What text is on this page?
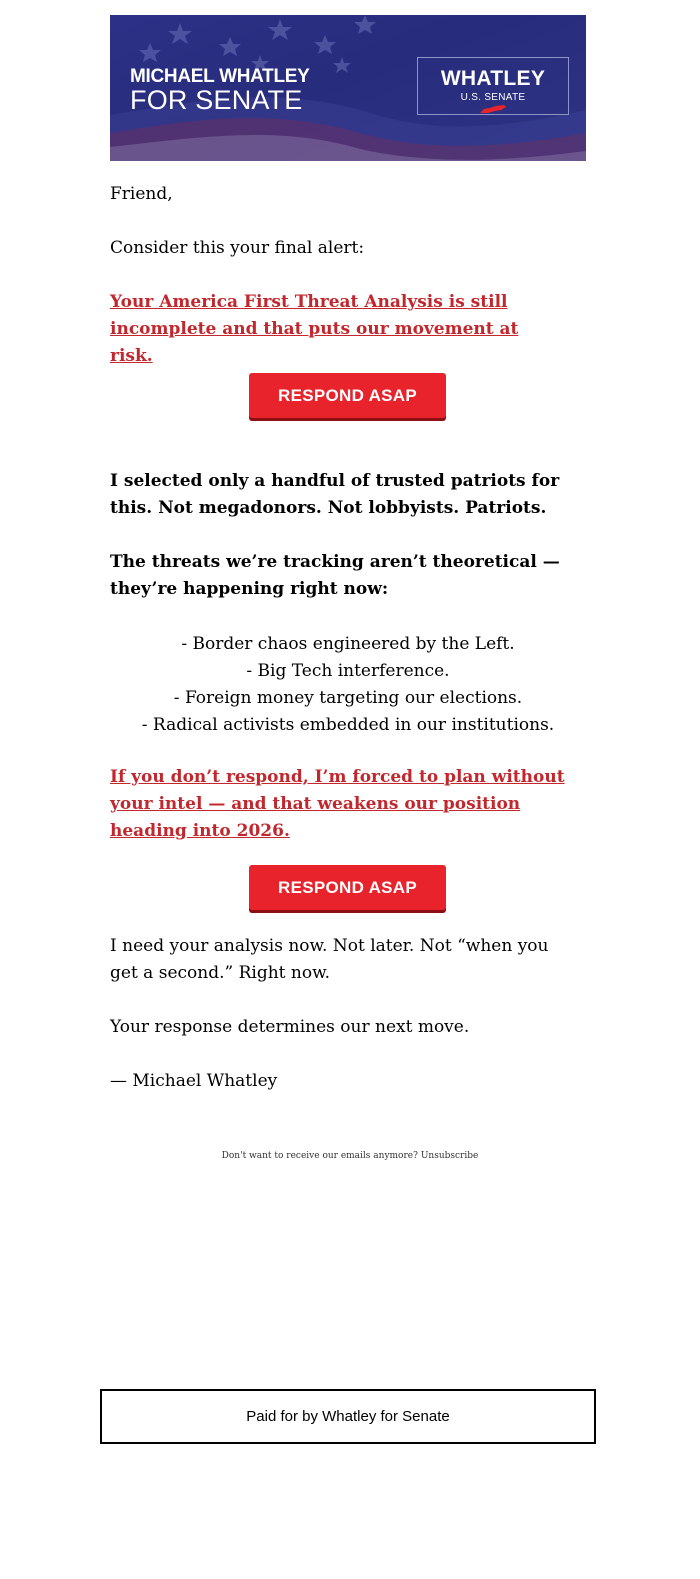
MICHAEL WHATLEY
FOR SENATE
WHATLEY
U.S. SENATE

Friend,

Consider this your final alert:

Your America First Threat Analysis is still incomplete and that puts our movement at risk.

RESPOND ASAP

I selected only a handful of trusted patriots for this. Not megadonors. Not lobbyists. Patriots.

The threats we’re tracking aren’t theoretical — they’re happening right now:

- Border chaos engineered by the Left.
- Big Tech interference.
- Foreign money targeting our elections.
- Radical activists embedded in our institutions.

If you don’t respond, I’m forced to plan without your intel — and that weakens our position heading into 2026.

RESPOND ASAP

I need your analysis now. Not later. Not “when you get a second.” Right now.

Your response determines our next move.

— Michael Whatley

Don't want to receive our emails anymore? Unsubscribe
Paid for by Whatley for Senate
